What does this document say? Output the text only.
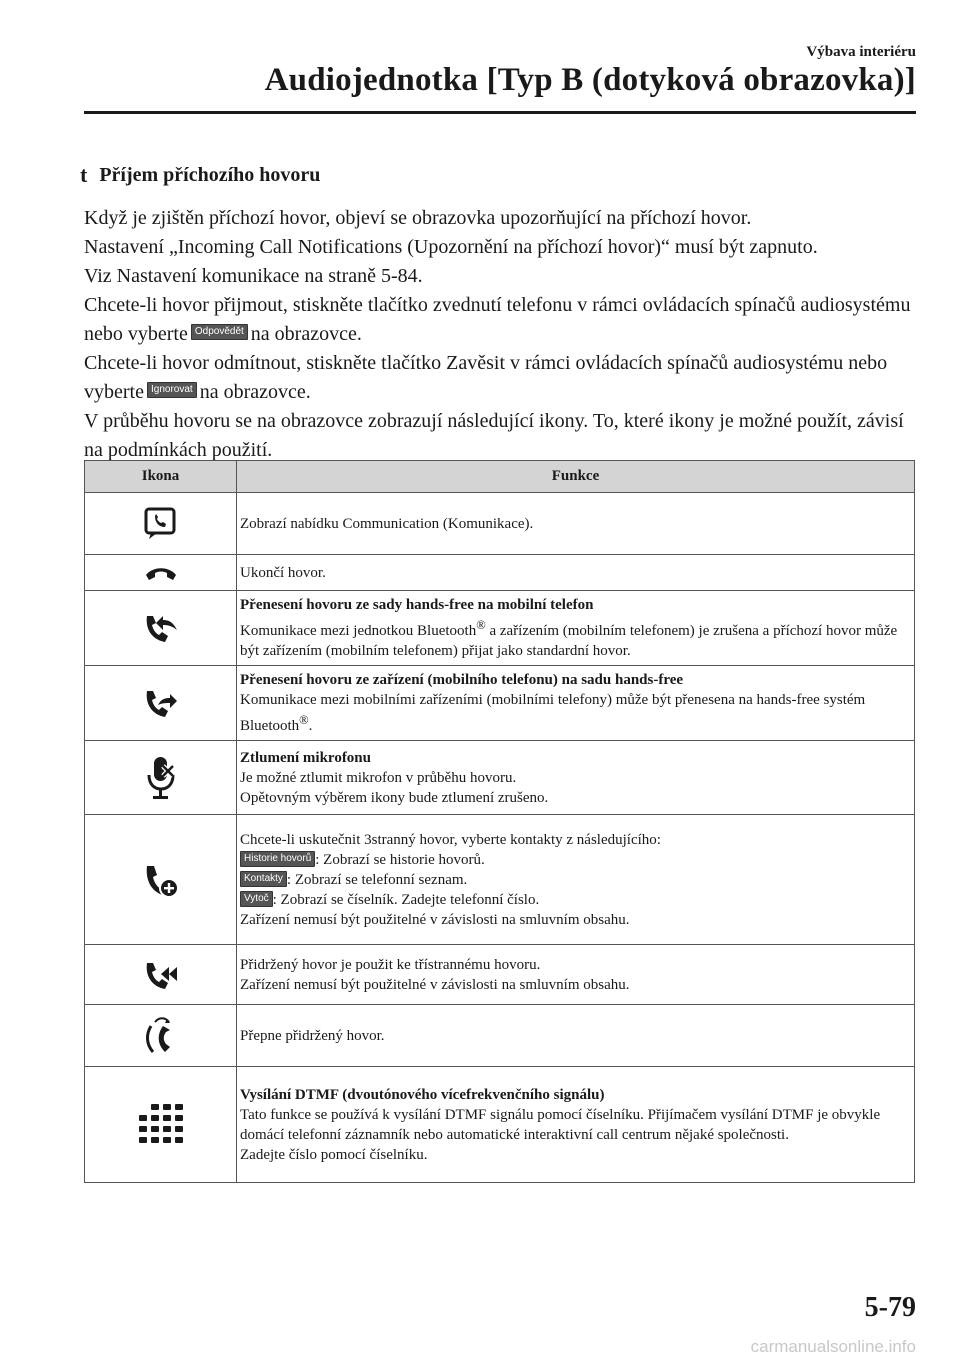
Výbava interiéru
Audiojednotka [Typ B (dotyková obrazovka)]
t Příjem příchozího hovoru

Když je zjištěn příchozí hovor, objeví se obrazovka upozorňující na příchozí hovor.

Nastavení „Incoming Call Notifications (Upozornění na příchozí hovor)“ musí být zapnuto.

Viz Nastavení komunikace na straně 5-84.

Chcete-li hovor přijmout, stiskněte tlačítko zvednutí telefonu v rámci ovládacích spínačů audiosystému nebo vyberte Odpovědět na obrazovce.

Chcete-li hovor odmítnout, stiskněte tlačítko Zavěsit v rámci ovládacích spínačů audiosystému nebo vyberte Ignorovat na obrazovce.

V průběhu hovoru se na obrazovce zobrazují následující ikony. To, které ikony je možné použít, závisí na podmínkách použití.

Ikona	Funkce

	Zobrazí nabídku Communication (Komunikace).

	Ukončí hovor.

Přenesení hovoru ze sady hands-free na mobilní telefon
Komunikace mezi jednotkou Bluetooth® a zařízením (mobilním telefonem) je zrušena a příchozí hovor může být zařízením (mobilním telefonem) přijat jako standardní hovor.

Přenesení hovoru ze zařízení (mobilního telefonu) na sadu hands-free
Komunikace mezi mobilními zařízeními (mobilními telefony) může být přenesena na hands-free systém Bluetooth®.

Ztlumení mikrofonu
Je možné ztlumit mikrofon v průběhu hovoru.
Opětovným výběrem ikony bude ztlumení zrušeno.

Chcete-li uskutečnit 3stranný hovor, vyberte kontakty z následujícího:
Historie hovorů : Zobrazí se historie hovorů.
Kontakty : Zobrazí se telefonní seznam.
Vytoč : Zobrazí se číselník. Zadejte telefonní číslo.
Zařízení nemusí být použitelné v závislosti na smluvním obsahu.

Přidržený hovor je použit ke třístrannému hovoru.
Zařízení nemusí být použitelné v závislosti na smluvním obsahu.

	Přepne přidržený hovor.

Vysílání DTMF (dvoutónového vícefrekvenčního signálu)
Tato funkce se používá k vysílání DTMF signálu pomocí číselníku. Přijímačem vysílání DTMF je obvykle domácí telefonní záznamník nebo automatické interaktivní call centrum nějaké společnosti.
Zadejte číslo pomocí číselníku.
5-79
carmanualsonline.info
